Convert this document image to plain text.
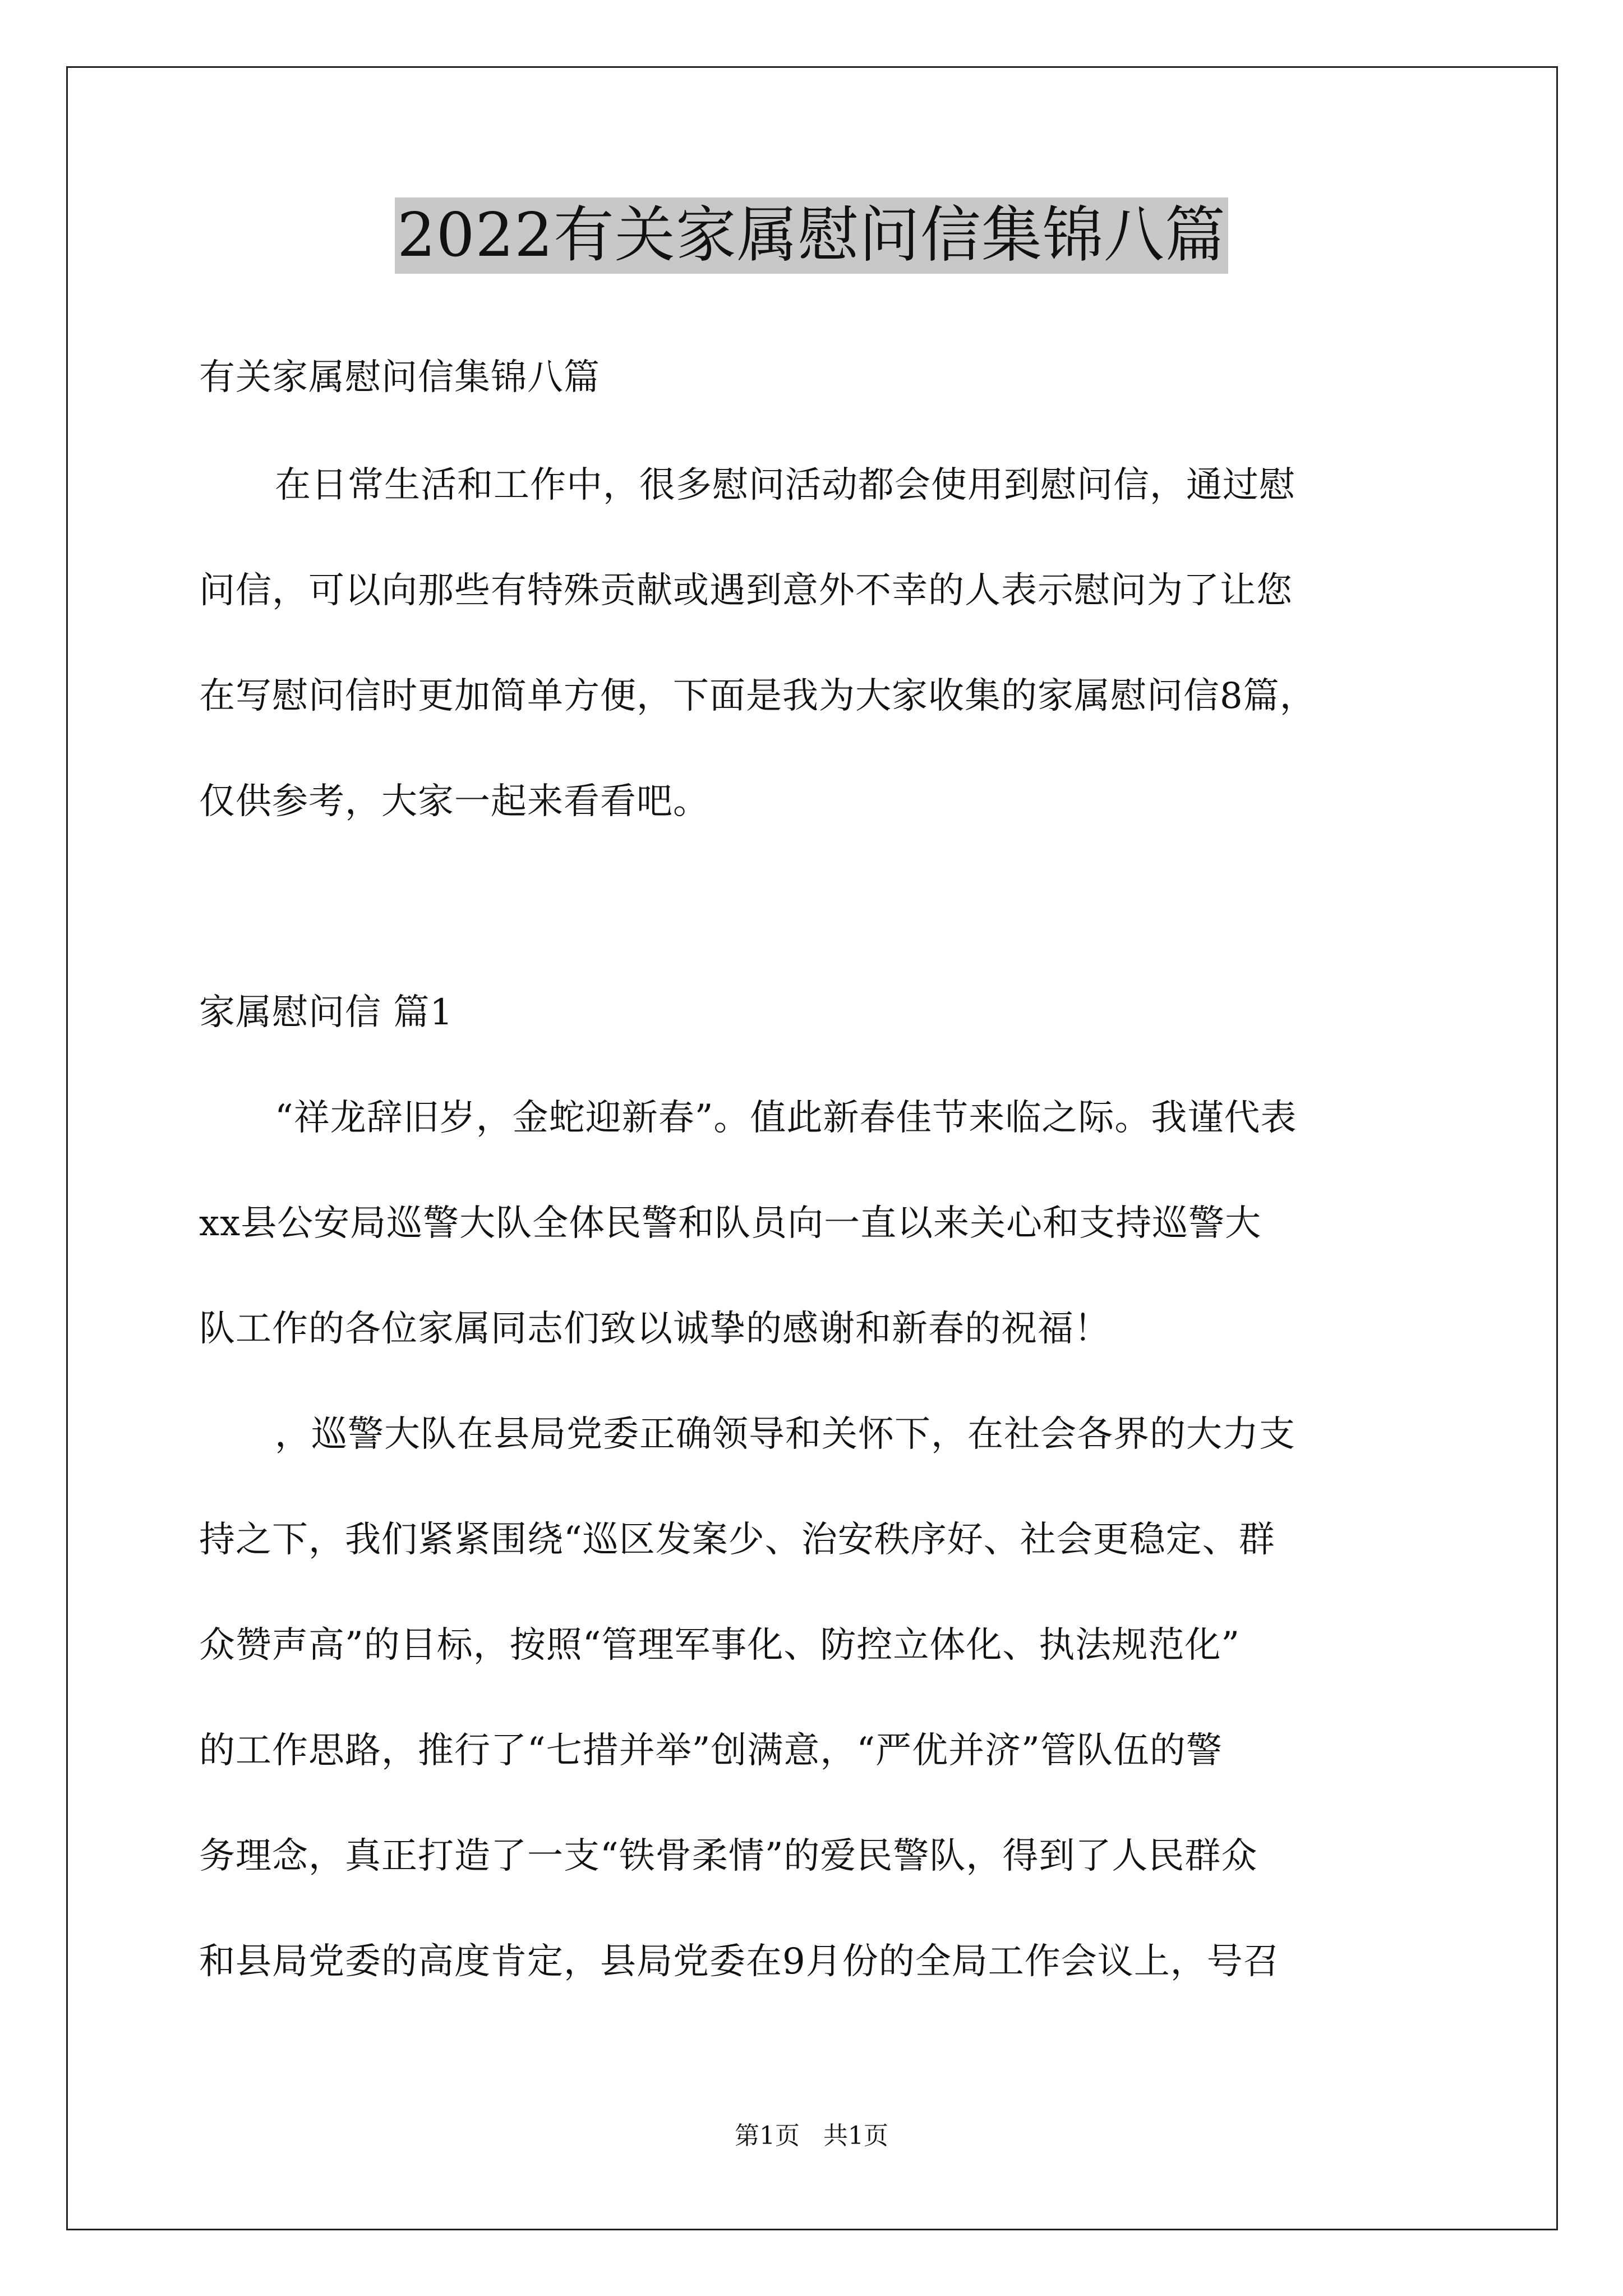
2022有关家属慰问信集锦八篇
有关家属慰问信集锦八篇
在日常生活和工作中，很多慰问活动都会使用到慰问信，通过慰
问信，可以向那些有特殊贡献或遇到意外不幸的人表示慰问为了让您
在写慰问信时更加简单方便，下面是我为大家收集的家属慰问信8篇，
仅供参考，大家一起来看看吧。
家属慰问信 篇1
“祥龙辞旧岁，金蛇迎新春”。值此新春佳节来临之际。我谨代表
xx县公安局巡警大队全体民警和队员向一直以来关心和支持巡警大
队工作的各位家属同志们致以诚挚的感谢和新春的祝福！
，巡警大队在县局党委正确领导和关怀下，在社会各界的大力支
持之下，我们紧紧围绕“巡区发案少、治安秩序好、社会更稳定、群
众赞声高”的目标，按照“管理军事化、防控立体化、执法规范化”
的工作思路，推行了“七措并举”创满意，“严优并济”管队伍的警
务理念，真正打造了一支“铁骨柔情”的爱民警队，得到了人民群众
和县局党委的高度肯定，县局党委在9月份的全局工作会议上，号召
第1页   共1页
